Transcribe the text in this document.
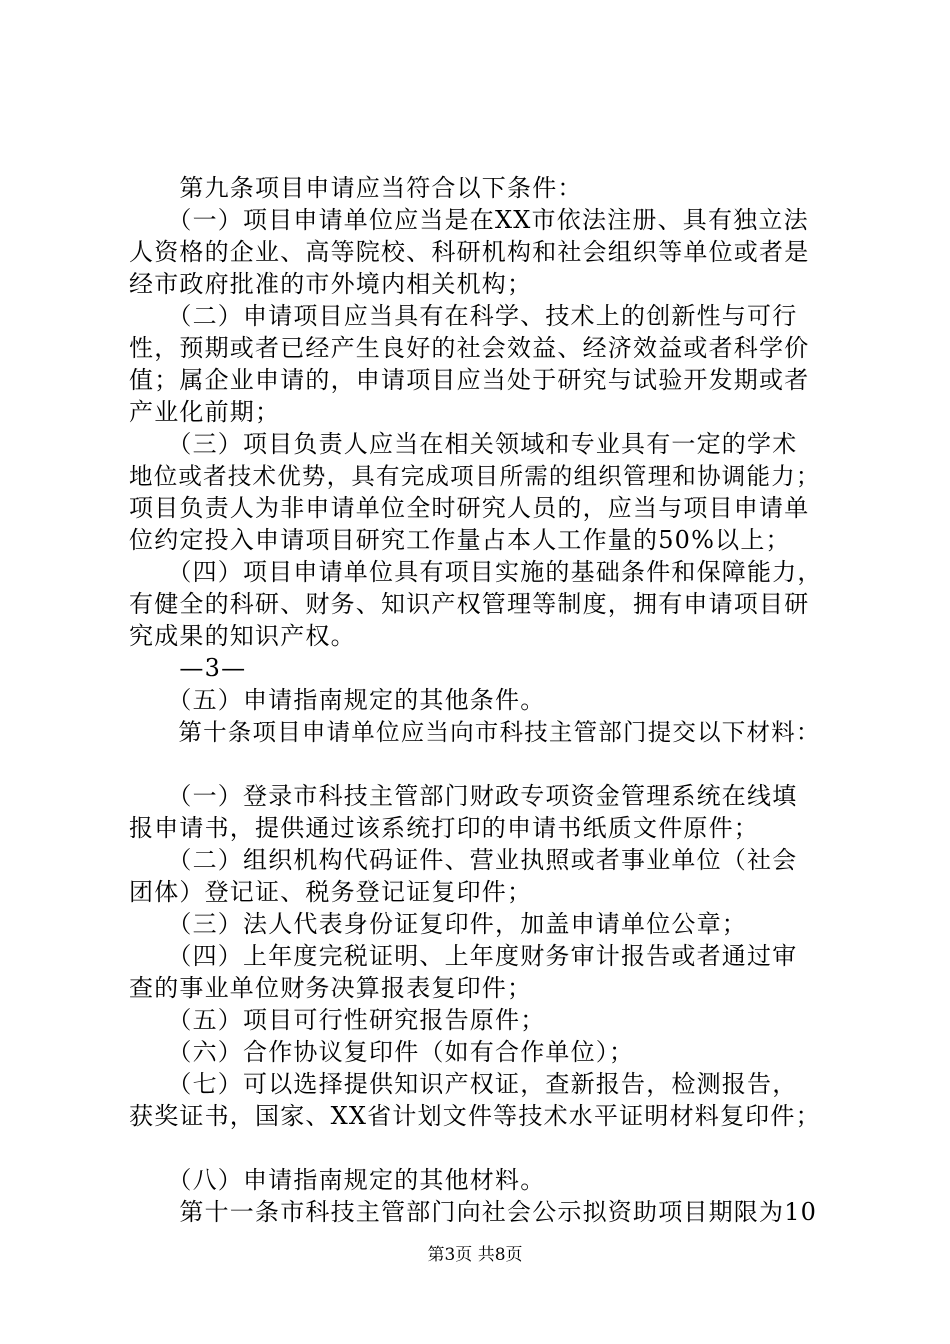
　　第九条项目申请应当符合以下条件：
　　（一）项目申请单位应当是在XX市依法注册、具有独立法
人资格的企业、高等院校、科研机构和社会组织等单位或者是
经市政府批准的市外境内相关机构；
　　（二）申请项目应当具有在科学、技术上的创新性与可行
性，预期或者已经产生良好的社会效益、经济效益或者科学价
值；属企业申请的，申请项目应当处于研究与试验开发期或者
产业化前期；
　　（三）项目负责人应当在相关领域和专业具有一定的学术
地位或者技术优势，具有完成项目所需的组织管理和协调能力；
项目负责人为非申请单位全时研究人员的，应当与项目申请单
位约定投入申请项目研究工作量占本人工作量的50%以上；
　　（四）项目申请单位具有项目实施的基础条件和保障能力，
有健全的科研、财务、知识产权管理等制度，拥有申请项目研
究成果的知识产权。
　　—3—
　　（五）申请指南规定的其他条件。
　　第十条项目申请单位应当向市科技主管部门提交以下材料：
　　（一）登录市科技主管部门财政专项资金管理系统在线填
报申请书，提供通过该系统打印的申请书纸质文件原件；
　　（二）组织机构代码证件、营业执照或者事业单位（社会
团体）登记证、税务登记证复印件；
　　（三）法人代表身份证复印件，加盖申请单位公章；
　　（四）上年度完税证明、上年度财务审计报告或者通过审
查的事业单位财务决算报表复印件；
　　（五）项目可行性研究报告原件；
　　（六）合作协议复印件（如有合作单位）；
　　（七）可以选择提供知识产权证，查新报告，检测报告，
获奖证书，国家、XX省计划文件等技术水平证明材料复印件；
　　（八）申请指南规定的其他材料。
　　第十一条市科技主管部门向社会公示拟资助项目期限为10
第3页 共8页
